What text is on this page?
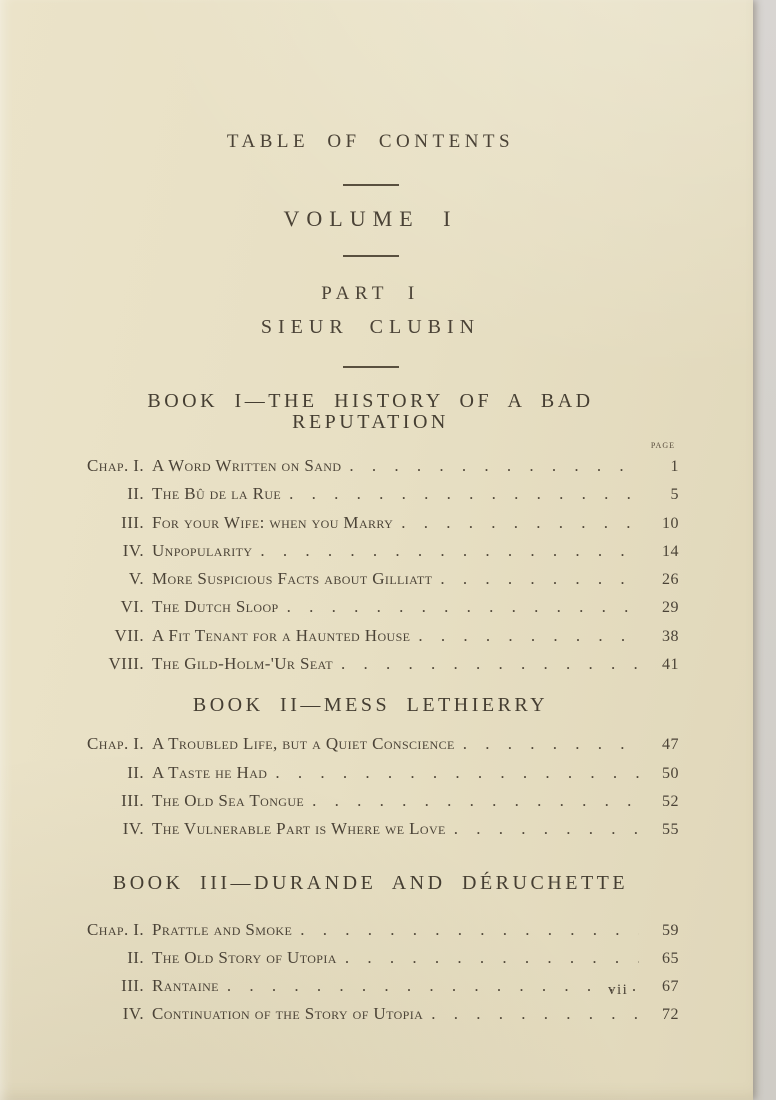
TABLE OF CONTENTS
VOLUME I
PART I
SIEUR CLUBIN
BOOK I—THE HISTORY OF A BAD REPUTATION
PAGE
Chap. I. A Word Written on Sand . . .	1
II. The Bû de la Rue . . .	5
III. For your Wife: when you Marry . . .	10
IV. Unpopularity . . .	14
V. More Suspicious Facts about Gilliatt . . .	26
VI. The Dutch Sloop . . .	29
VII. A Fit Tenant for a Haunted House . . .	38
VIII. The Gild-Holm-'Ur Seat . . .	41
BOOK II—MESS LETHIERRY
Chap. I. A Troubled Life, but a Quiet Conscience . . .	47
II. A Taste he Had . . .	50
III. The Old Sea Tongue . . .	52
IV. The Vulnerable Part is Where we Love . . .	55
BOOK III—DURANDE AND DÉRUCHETTE
Chap. I. Prattle and Smoke . . .	59
II. The Old Story of Utopia . . .	65
III. Rantaine . . .	67
IV. Continuation of the Story of Utopia . . .	72
vii
